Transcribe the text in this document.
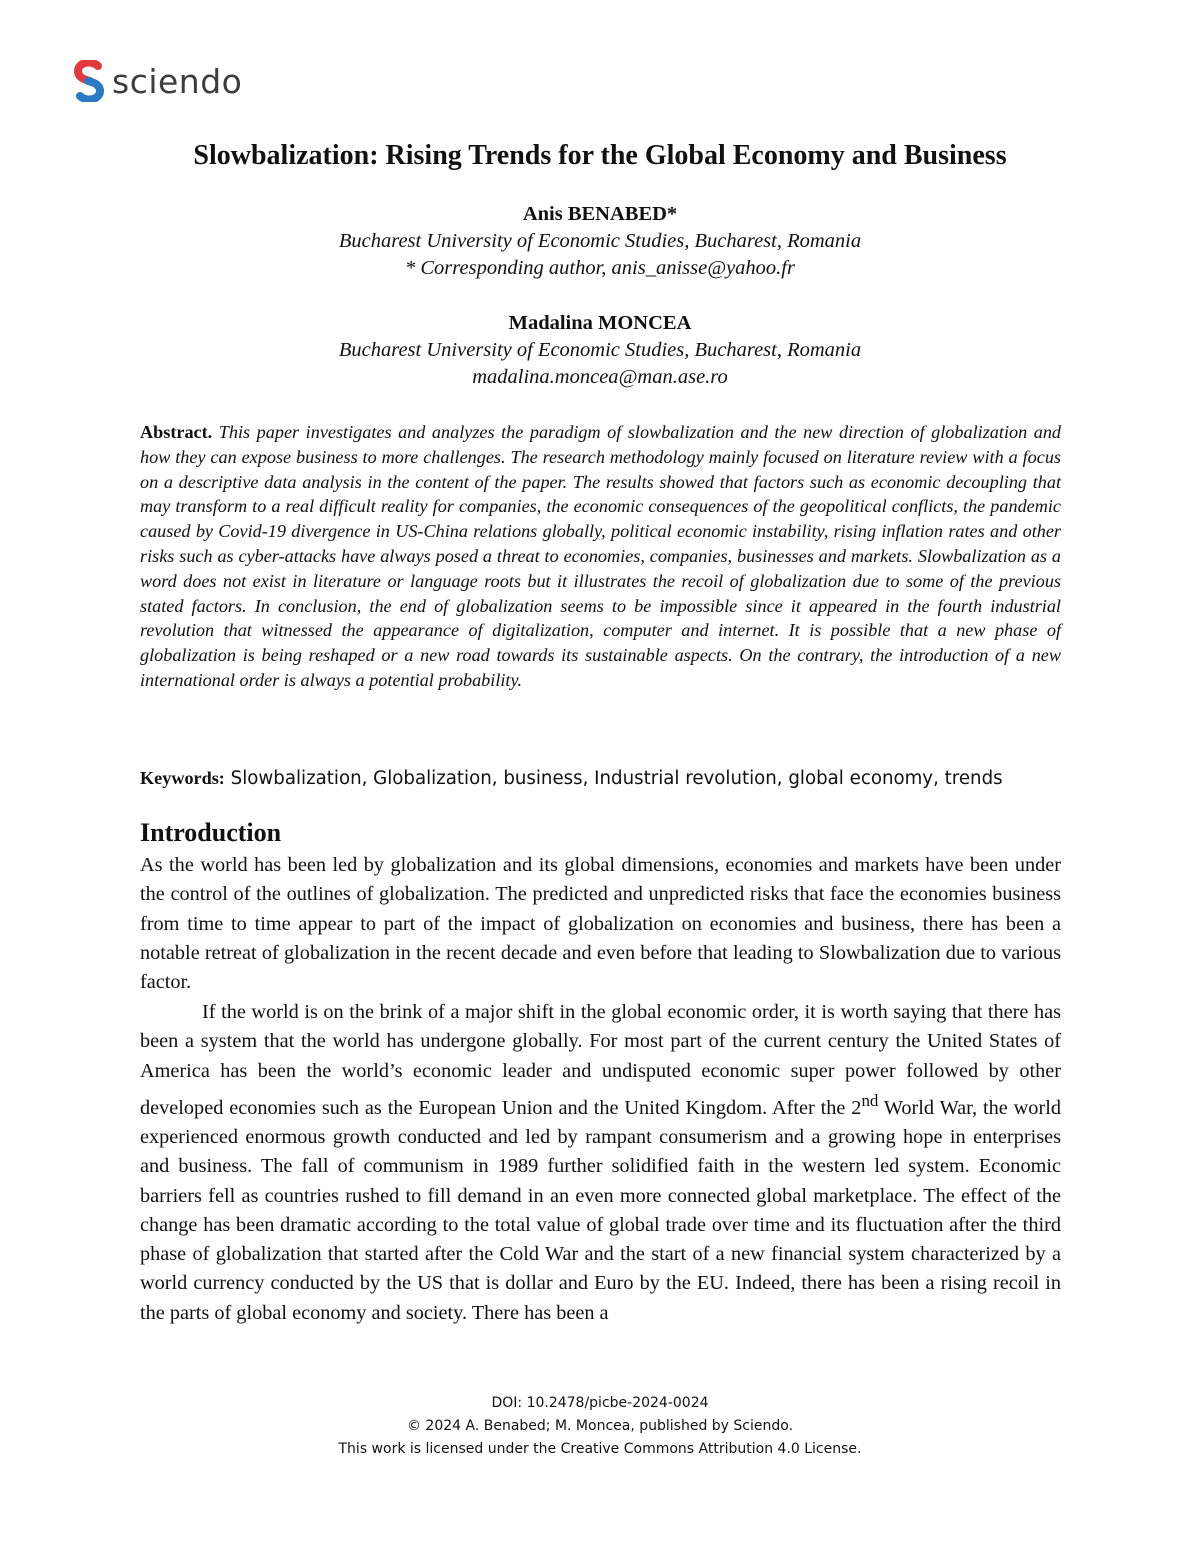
sciendo
Slowbalization: Rising Trends for the Global Economy and Business
Anis BENABED*
Bucharest University of Economic Studies, Bucharest, Romania
* Corresponding author, anis_anisse@yahoo.fr
Madalina MONCEA
Bucharest University of Economic Studies, Bucharest, Romania
madalina.moncea@man.ase.ro
Abstract. This paper investigates and analyzes the paradigm of slowbalization and the new direction of globalization and how they can expose business to more challenges. The research methodology mainly focused on literature review with a focus on a descriptive data analysis in the content of the paper. The results showed that factors such as economic decoupling that may transform to a real difficult reality for companies, the economic consequences of the geopolitical conflicts, the pandemic caused by Covid-19 divergence in US-China relations globally, political economic instability, rising inflation rates and other risks such as cyber-attacks have always posed a threat to economies, companies, businesses and markets. Slowbalization as a word does not exist in literature or language roots but it illustrates the recoil of globalization due to some of the previous stated factors. In conclusion, the end of globalization seems to be impossible since it appeared in the fourth industrial revolution that witnessed the appearance of digitalization, computer and internet. It is possible that a new phase of globalization is being reshaped or a new road towards its sustainable aspects. On the contrary, the introduction of a new international order is always a potential probability.
Keywords: Slowbalization, Globalization, business, Industrial revolution, global economy, trends
Introduction
As the world has been led by globalization and its global dimensions, economies and markets have been under the control of the outlines of globalization. The predicted and unpredicted risks that face the economies business from time to time appear to part of the impact of globalization on economies and business, there has been a notable retreat of globalization in the recent decade and even before that leading to Slowbalization due to various factor.
If the world is on the brink of a major shift in the global economic order, it is worth saying that there has been a system that the world has undergone globally. For most part of the current century the United States of America has been the world’s economic leader and undisputed economic super power followed by other developed economies such as the European Union and the United Kingdom. After the 2nd World War, the world experienced enormous growth conducted and led by rampant consumerism and a growing hope in enterprises and business. The fall of communism in 1989 further solidified faith in the western led system. Economic barriers fell as countries rushed to fill demand in an even more connected global marketplace. The effect of the change has been dramatic according to the total value of global trade over time and its fluctuation after the third phase of globalization that started after the Cold War and the start of a new financial system characterized by a world currency conducted by the US that is dollar and Euro by the EU. Indeed, there has been a rising recoil in the parts of global economy and society. There has been a
DOI: 10.2478/picbe-2024-0024
© 2024 A. Benabed; M. Moncea, published by Sciendo.
This work is licensed under the Creative Commons Attribution 4.0 License.
